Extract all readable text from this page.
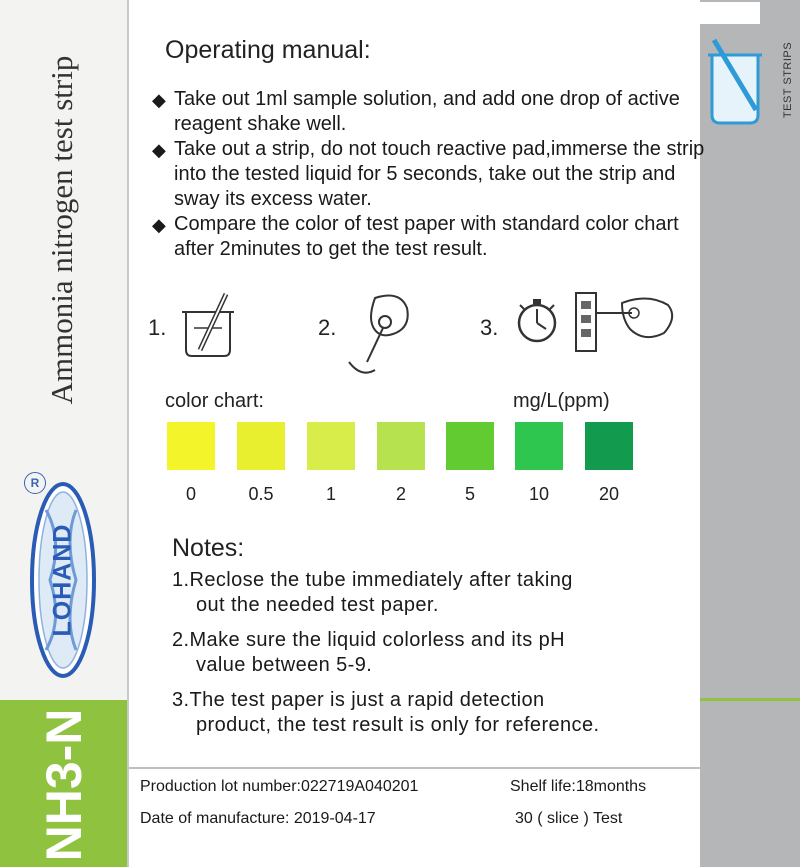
Ammonia nitrogen test strip
R
LOHAND
NH3-N
TEST STRIPS
Operating manual:
◆ Take out 1ml sample solution, and add one drop of active reagent shake well.
◆ Take out a strip, do not touch reactive pad,immerse the strip into the tested liquid for 5 seconds, take out the strip and sway its excess water.
◆ Compare the color of test paper with standard color chart after 2minutes to get the test result.
1.	2.	3.
color chart:	mg/L(ppm)
0	0.5	1	2	5	10	20
Notes:
1.Reclose the tube immediately after taking
out the needed test paper.
2.Make sure the liquid colorless and its pH
value between 5-9.
3.The test paper is just a rapid detection
product, the test result is only for reference.
Production lot number:022719A040201	Shelf life:18months
Date of manufacture: 2019-04-17	30 ( slice ) Test
